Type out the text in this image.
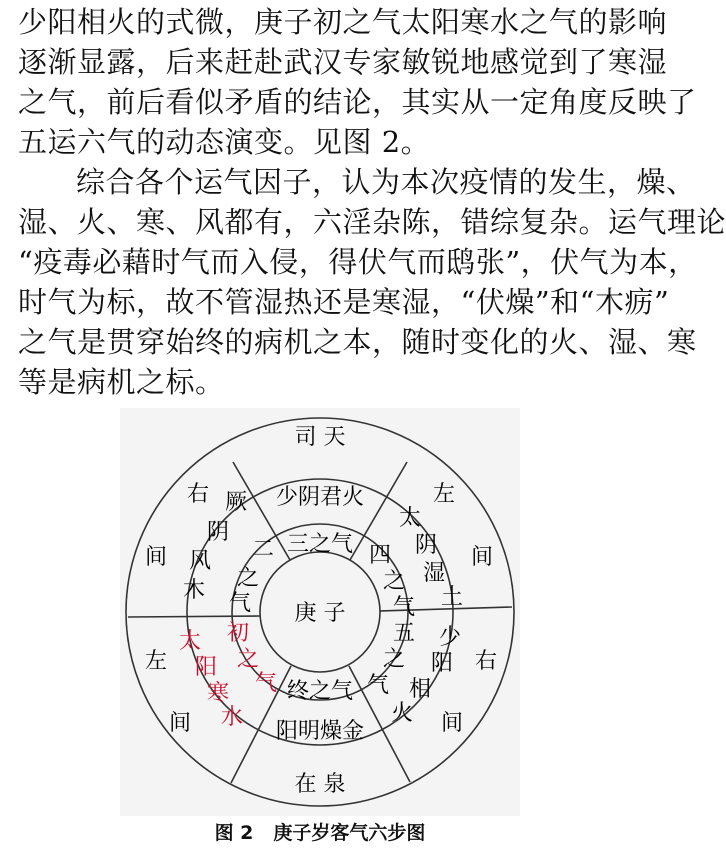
少阳相火的式微，庚子初之气太阳寒水之气的影响
逐渐显露，后来赶赴武汉专家敏锐地感觉到了寒湿
之气，前后看似矛盾的结论，其实从一定角度反映了
五运六气的动态演变。见图 2。
综合各个运气因子，认为本次疫情的发生，燥、
湿、火、寒、风都有，六淫杂陈，错综复杂。运气理论
“疫毒必藉时气而入侵，得伏气而鸱张”，伏气为本，
时气为标，故不管湿热还是寒湿，“伏燥”和“木疬”
之气是贯穿始终的病机之本，随时变化的火、湿、寒
等是病机之标。
司 天
在 泉
庚 子
右
间
左
间
左
间
右
间
少阴君火
阳明燥金
厥
阴
风
木
太
阴
湿
土
少
阳
相
火
太
阳
寒
水
初
之
气
三之气
终之气
二
之
气
四
之
气
五
之
气
图 2 庚子岁客气六步图
